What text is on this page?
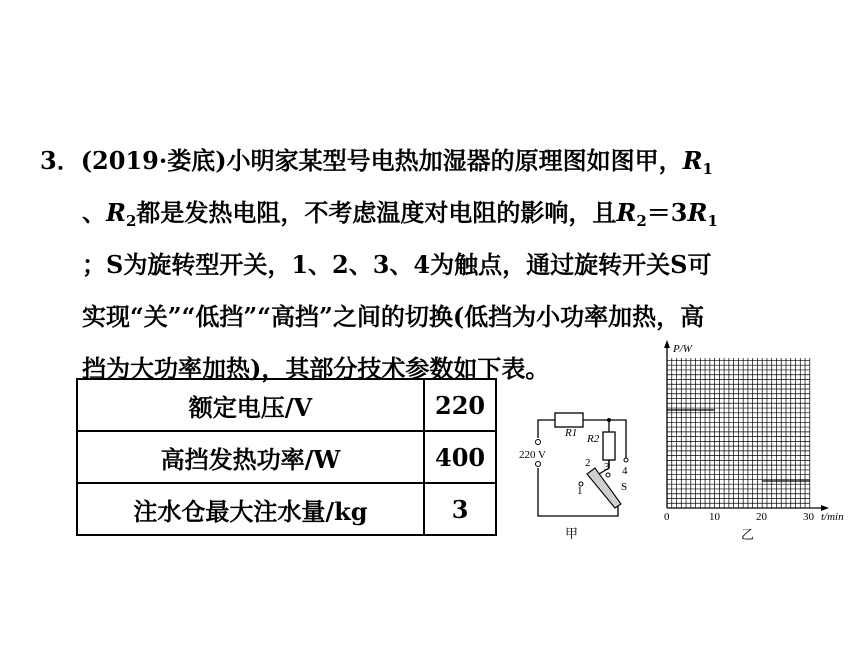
3．(2019·娄底)小明家某型号电热加湿器的原理图如图甲，$R_1$
、$R_2$都是发热电阻，不考虑温度对电阻的影响，且$R_2=3R_1$
；S为旋转型开关，1、2、3、4为触点，通过旋转开关S可
实现“关”“低挡”“高挡”之间的切换(低挡为小功率加热，高
挡为大功率加热)，其部分技术参数如下表。
额定电压/V	220
高挡发热功率/W	400
注水仓最大注水量/kg	3
R1 R2
220 V
1
2 3 4
S
甲
P/W
0	10	20	30 t/min
乙
